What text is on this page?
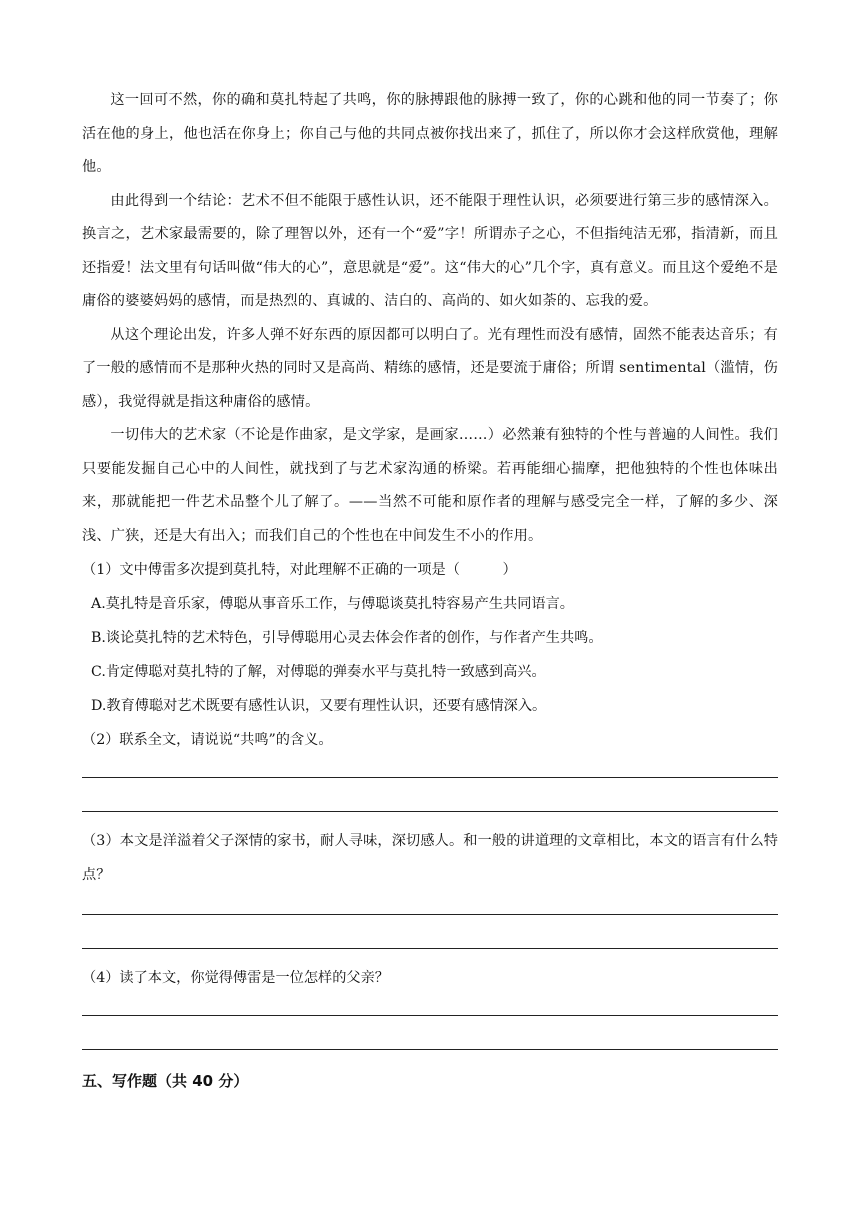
这一回可不然，你的确和莫扎特起了共鸣，你的脉搏跟他的脉搏一致了，你的心跳和他的同一节奏了；你活在他的身上，他也活在你身上；你自己与他的共同点被你找出来了，抓住了，所以你才会这样欣赏他，理解他。

由此得到一个结论：艺术不但不能限于感性认识，还不能限于理性认识，必须要进行第三步的感情深入。换言之，艺术家最需要的，除了理智以外，还有一个“爱”字！所谓赤子之心，不但指纯洁无邪，指清新，而且还指爱！法文里有句话叫做“伟大的心”，意思就是“爱”。这“伟大的心”几个字，真有意义。而且这个爱绝不是庸俗的婆婆妈妈的感情，而是热烈的、真诚的、洁白的、高尚的、如火如荼的、忘我的爱。

从这个理论出发，许多人弹不好东西的原因都可以明白了。光有理性而没有感情，固然不能表达音乐；有了一般的感情而不是那种火热的同时又是高尚、精练的感情，还是要流于庸俗；所谓 sentimental（滥情，伤感），我觉得就是指这种庸俗的感情。

一切伟大的艺术家（不论是作曲家，是文学家，是画家……）必然兼有独特的个性与普遍的人间性。我们只要能发掘自己心中的人间性，就找到了与艺术家沟通的桥梁。若再能细心揣摩，把他独特的个性也体味出来，那就能把一件艺术品整个儿了解了。——当然不可能和原作者的理解与感受完全一样，了解的多少、深浅、广狭，还是大有出入；而我们自己的个性也在中间发生不小的作用。

（1）文中傅雷多次提到莫扎特，对此理解不正确的一项是（　　　）

A.莫扎特是音乐家，傅聪从事音乐工作，与傅聪谈莫扎特容易产生共同语言。

B.谈论莫扎特的艺术特色，引导傅聪用心灵去体会作者的创作，与作者产生共鸣。

C.肯定傅聪对莫扎特的了解，对傅聪的弹奏水平与莫扎特一致感到高兴。

D.教育傅聪对艺术既要有感性认识，又要有理性认识，还要有感情深入。

（2）联系全文，请说说“共鸣”的含义。

（3）本文是洋溢着父子深情的家书，耐人寻味，深切感人。和一般的讲道理的文章相比，本文的语言有什么特点？

（4）读了本文，你觉得傅雷是一位怎样的父亲？

五、写作题（共 40 分）
